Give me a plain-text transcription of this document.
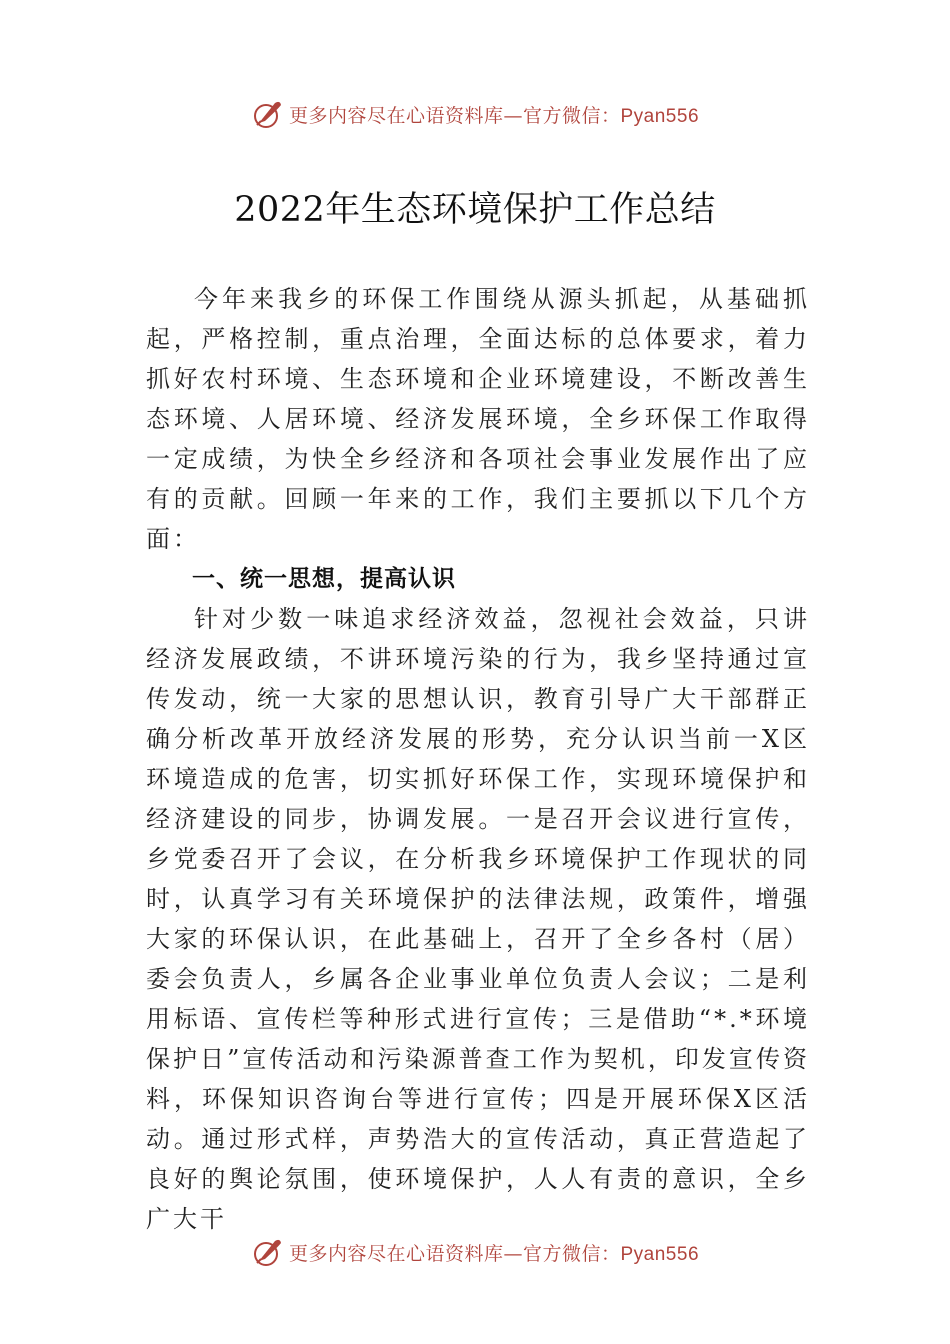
更多内容尽在心语资料库—官方微信：Pyan556
2022年生态环境保护工作总结

今年来我乡的环保工作围绕从源头抓起，从基础抓起，严格控制，重点治理，全面达标的总体要求，着力抓好农村环境、生态环境和企业环境建设，不断改善生态环境、人居环境、经济发展环境，全乡环保工作取得一定成绩，为快全乡经济和各项社会事业发展作出了应有的贡献。回顾一年来的工作，我们主要抓以下几个方面：

一、统一思想，提高认识

针对少数一味追求经济效益，忽视社会效益，只讲经济发展政绩，不讲环境污染的行为，我乡坚持通过宣传发动，统一大家的思想认识，教育引导广大干部群正确分析改革开放经济发展的形势，充分认识当前一X区环境造成的危害，切实抓好环保工作，实现环境保护和经济建设的同步，协调发展。一是召开会议进行宣传，乡党委召开了会议，在分析我乡环境保护工作现状的同时，认真学习有关环境保护的法律法规，政策件，增强大家的环保认识，在此基础上，召开了全乡各村（居）委会负责人，乡属各企业事业单位负责人会议；二是利用标语、宣传栏等种形式进行宣传；三是借助“*.*环境保护日”宣传活动和污染源普查工作为契机，印发宣传资料，环保知识咨询台等进行宣传；四是开展环保X区活动。通过形式样，声势浩大的宣传活动，真正营造起了良好的舆论氛围，使环境保护，人人有责的意识，全乡广大干

更多内容尽在心语资料库—官方微信：Pyan556
